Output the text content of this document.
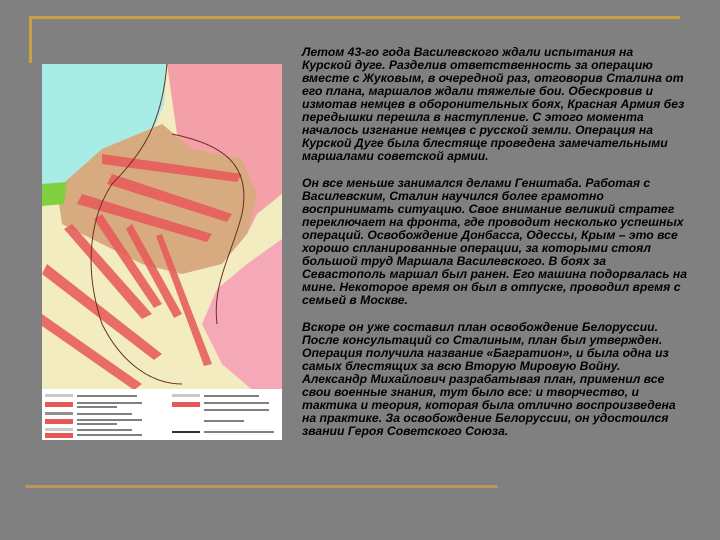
Летом 43-го года Василевского ждали испытания на
Курской дуге. Разделив ответственность за операцию
вместе с Жуковым, в очередной раз, отговорив Сталина от
его плана, маршалов ждали тяжелые бои. Обескровив и
измотав немцев в оборонительных боях, Красная Армия без
передышки перешла в наступление. С этого момента
началось изгнание немцев с русской земли. Операция на
Курской Дуге была блестяще проведена замечательными
маршалами советской армии.

Он все меньше занимался делами Генштаба. Работая с
Василевским, Сталин научился более грамотно
воспринимать ситуацию. Свое внимание великий стратег
переключает на фронта, где проводит несколько успешных
операций. Освобождение Донбасса, Одессы, Крым – это все
хорошо спланированные операции, за которыми стоял
большой труд Маршала Василевского. В боях за
Севастополь маршал был ранен. Его машина подорвалась на
мине. Некоторое время он был в отпуске, проводил время с
семьей в Москве.

Вскоре он уже составил план освобождение Белоруссии.
После консультаций со Сталиным, план был утвержден.
Операция получила название «Багратион», и была одна из
самых блестящих за всю Вторую Мировую Войну.
Александр Михайлович разрабатывая план, применил все
свои военные знания, тут было все: и творчество, и
тактика и теория, которая была отлично воспроизведена
на практике. За освобождение Белоруссии, он удостоился
звании Героя Советского Союза.
